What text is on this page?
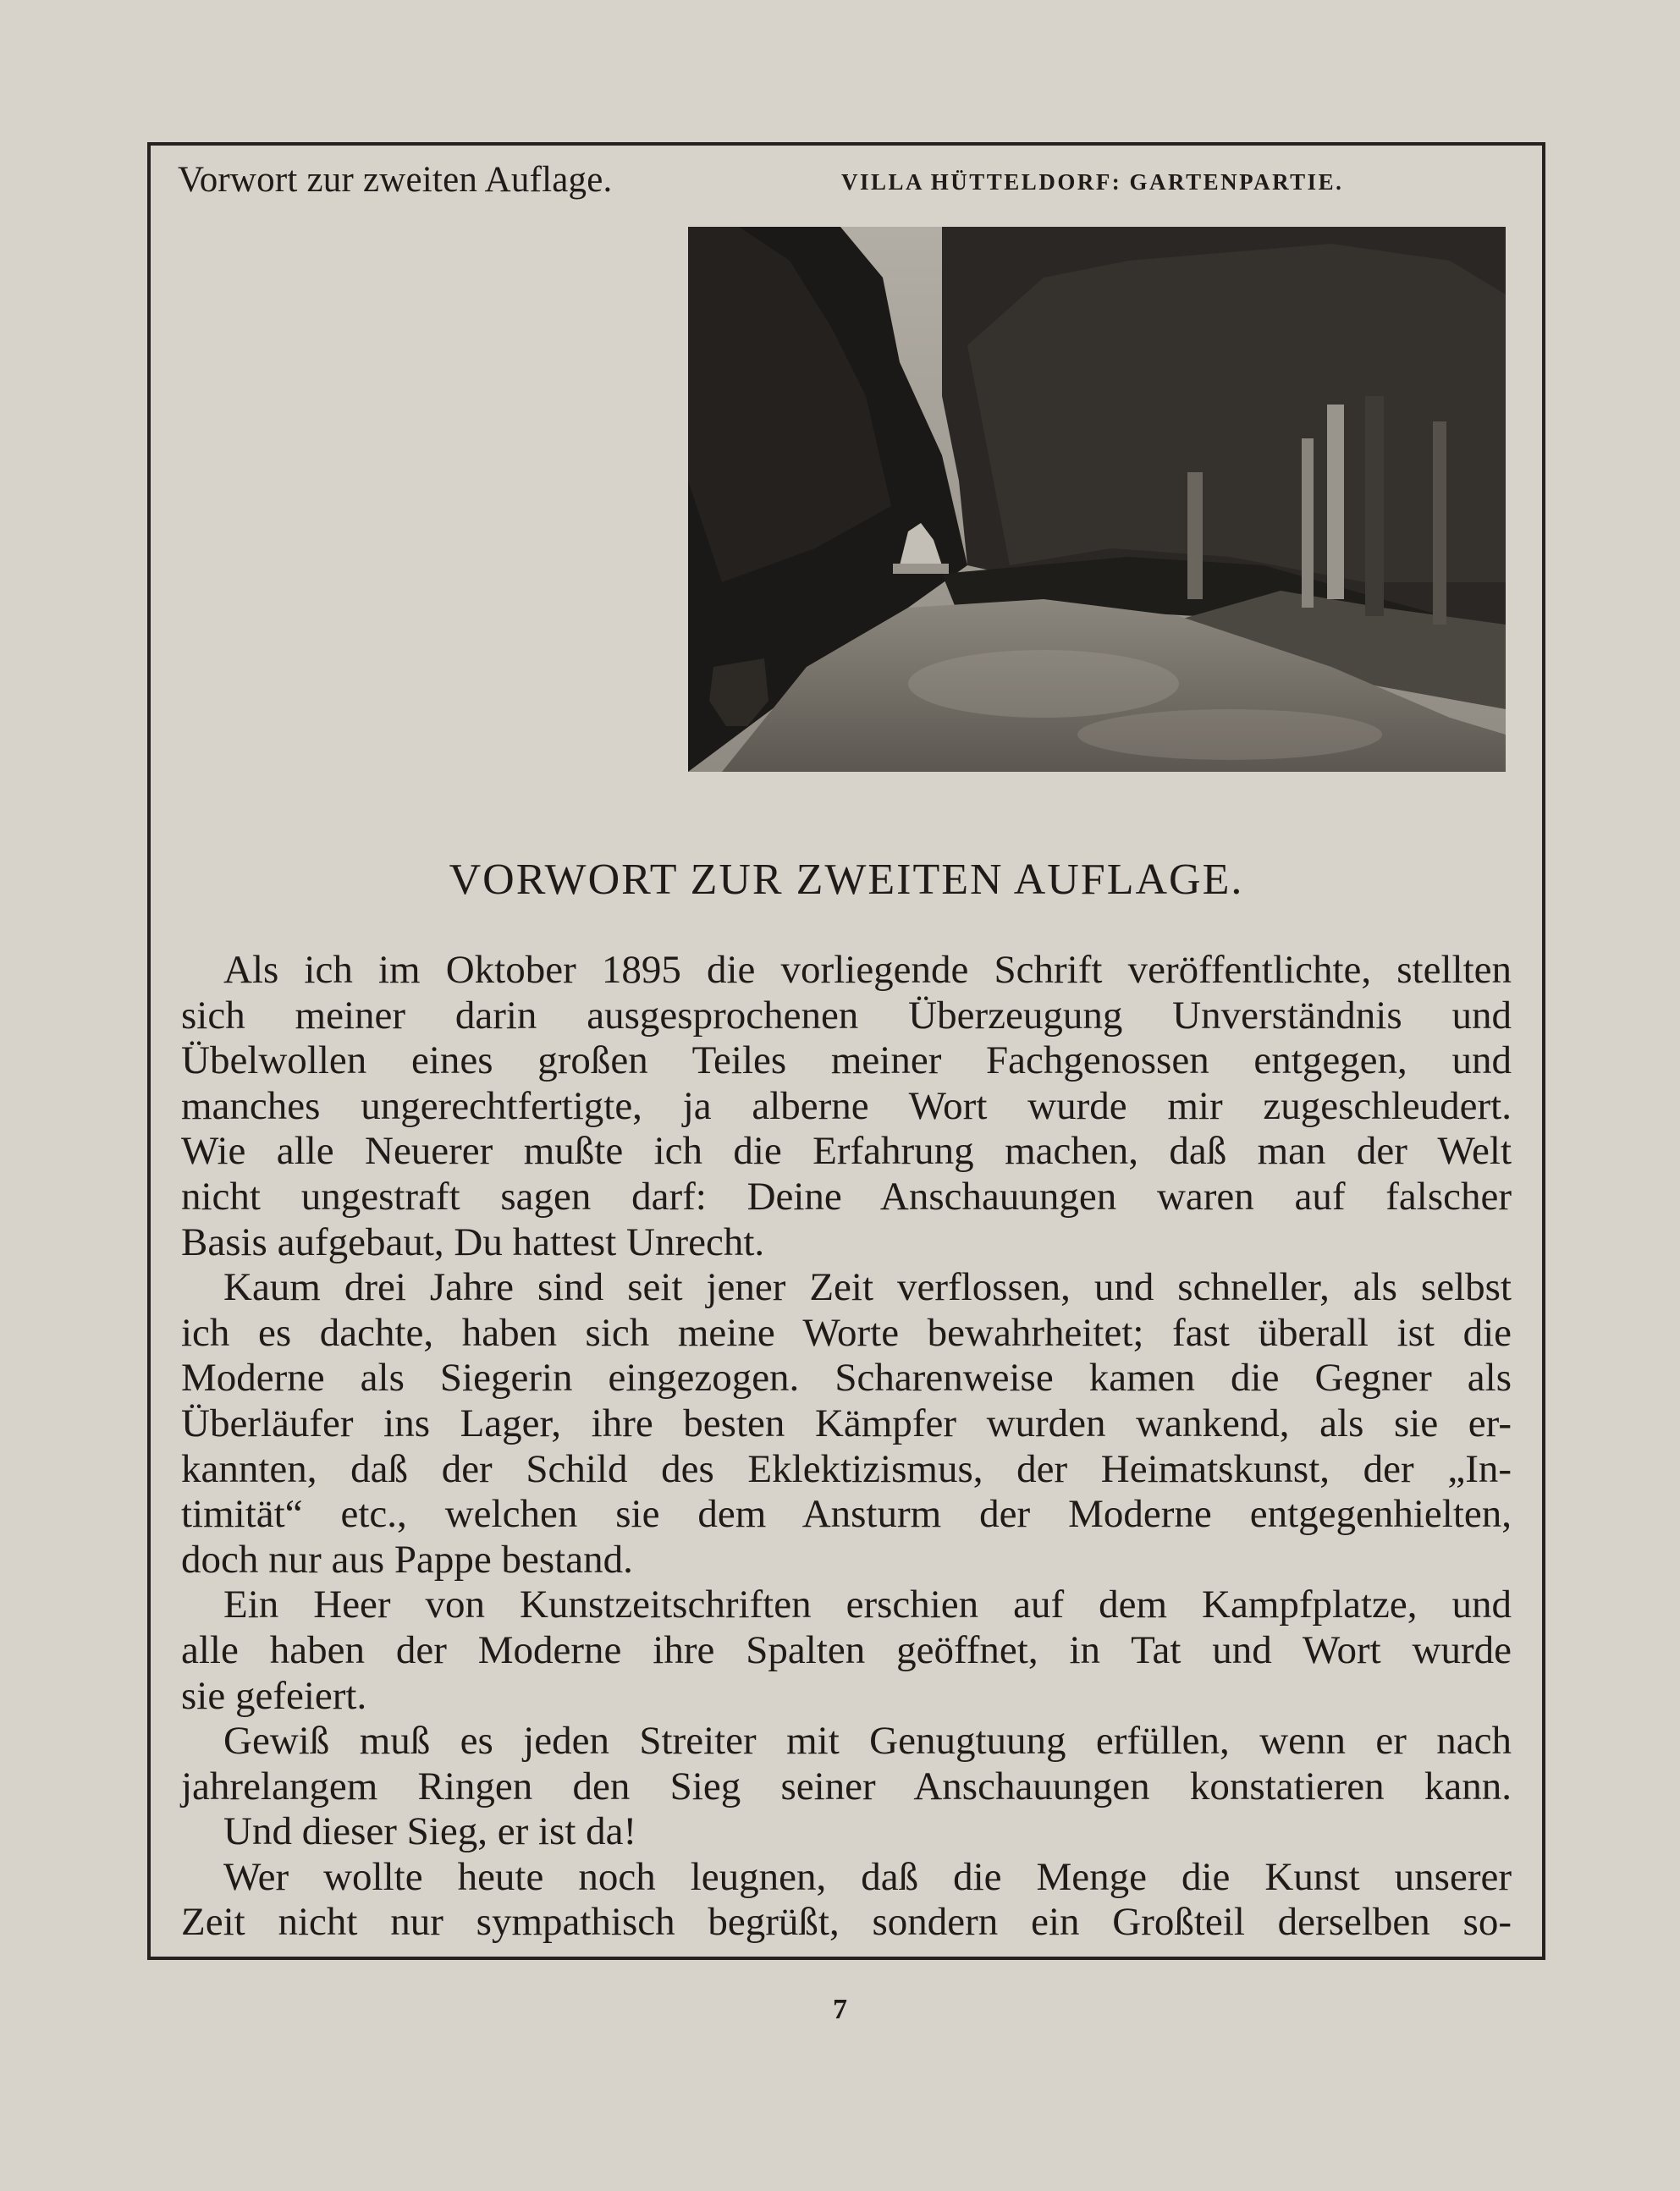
Vorwort zur zweiten Auflage.	VILLA HÜTTELDORF: GARTENPARTIE.
VORWORT ZUR ZWEITEN AUFLAGE.
Als ich im Oktober 1895 die vorliegende Schrift veröffentlichte, stellten
sich meiner darin ausgesprochenen Überzeugung Unverständnis und
Übelwollen eines großen Teiles meiner Fachgenossen entgegen, und
manches ungerechtfertigte, ja alberne Wort wurde mir zugeschleudert.
Wie alle Neuerer mußte ich die Erfahrung machen, daß man der Welt
nicht ungestraft sagen darf: Deine Anschauungen waren auf falscher
Basis aufgebaut, Du hattest Unrecht.
Kaum drei Jahre sind seit jener Zeit verflossen, und schneller, als selbst
ich es dachte, haben sich meine Worte bewahrheitet; fast überall ist die
Moderne als Siegerin eingezogen. Scharenweise kamen die Gegner als
Überläufer ins Lager, ihre besten Kämpfer wurden wankend, als sie er-
kannten, daß der Schild des Eklektizismus, der Heimatskunst, der „In-
timität“ etc., welchen sie dem Ansturm der Moderne entgegenhielten,
doch nur aus Pappe bestand.
Ein Heer von Kunstzeitschriften erschien auf dem Kampfplatze, und
alle haben der Moderne ihre Spalten geöffnet, in Tat und Wort wurde
sie gefeiert.
Gewiß muß es jeden Streiter mit Genugtuung erfüllen, wenn er nach
jahrelangem Ringen den Sieg seiner Anschauungen konstatieren kann.
Und dieser Sieg, er ist da!
Wer wollte heute noch leugnen, daß die Menge die Kunst unserer
Zeit nicht nur sympathisch begrüßt, sondern ein Großteil derselben so-
7
